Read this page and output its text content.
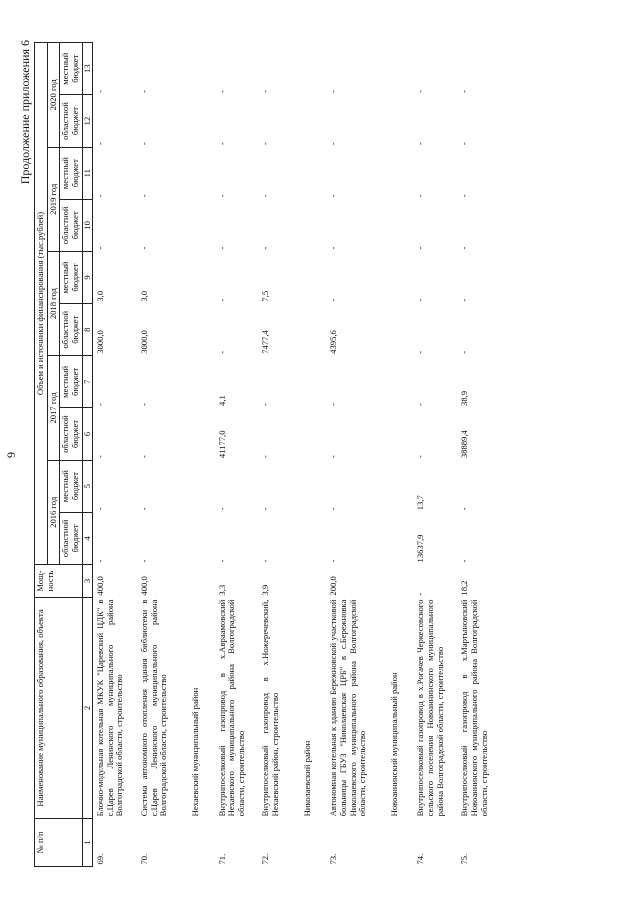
9
Продолжение приложения 6
№ п/п	Наименование муниципального образования, объекта	Мощ-ность	Объем и источники финансирования (тыс.рублей)									
			2016 год		2017 год		2018 год		2019 год		2020 год	
			областной бюджет	местный бюджет	областной бюджет	местный бюджет	областной бюджет	местный бюджет	областной бюджет	местный бюджет	областной бюджет	местный бюджет
1	2	3	4	5	6	7	8	9	10	11	12	13
69.	Блочно-модульная котельная МКУК "Царевский ЦДК" в с.Царев Ленинского муниципального района Волгоградской области, строительство	400,0	-	-	-	-	3000,0	3,0	-	-	-	-
70.	Система автономного отопления здания библиотеки в с.Царев Ленинского муниципального района Волгоградской области, строительство	400,0	-	-	-	-	3000,0	3,0	-	-	-	-
	Нехаевский муниципальный район											
71.	Внутрипоселковый газопровод в х.Авраамовский Нехаевского муниципального района Волгоградской области, строительство	3,3	-	-	41177,0	4,1	-	-	-	-	-	-
72.	Внутрипоселковый газопровод в х.Ножеречевский, Нехаевский район, строительство	3,9	-	-	-	-	7477,4	7,5	-	-	-	-
	Николаевский район											
73.	Автономная котельная к зданию Бережновской участковой больницы ГБУЗ "Николаевская ЦРБ" в с.Бережновка Николаевского муниципального района Волгоградской области, строительство	200,0	-	-	-	-	4395,6	-	-	-	-	-
	Новоаннинский муниципальный район											
74.	Внутрипоселковый газопровод в х.Рогачев Черкесовского сельского поселения Новоаннинского муниципального района Волгоградской области, строительство	-	13637,9	13,7	-	-	-	-	-	-	-	-
75.	Внутрипоселковый газопровод в х.Мартыновский Новоаннинского муниципального района Волгоградской области, строительство	18,2	-	-	38889,4	38,9	-	-	-	-	-	-
